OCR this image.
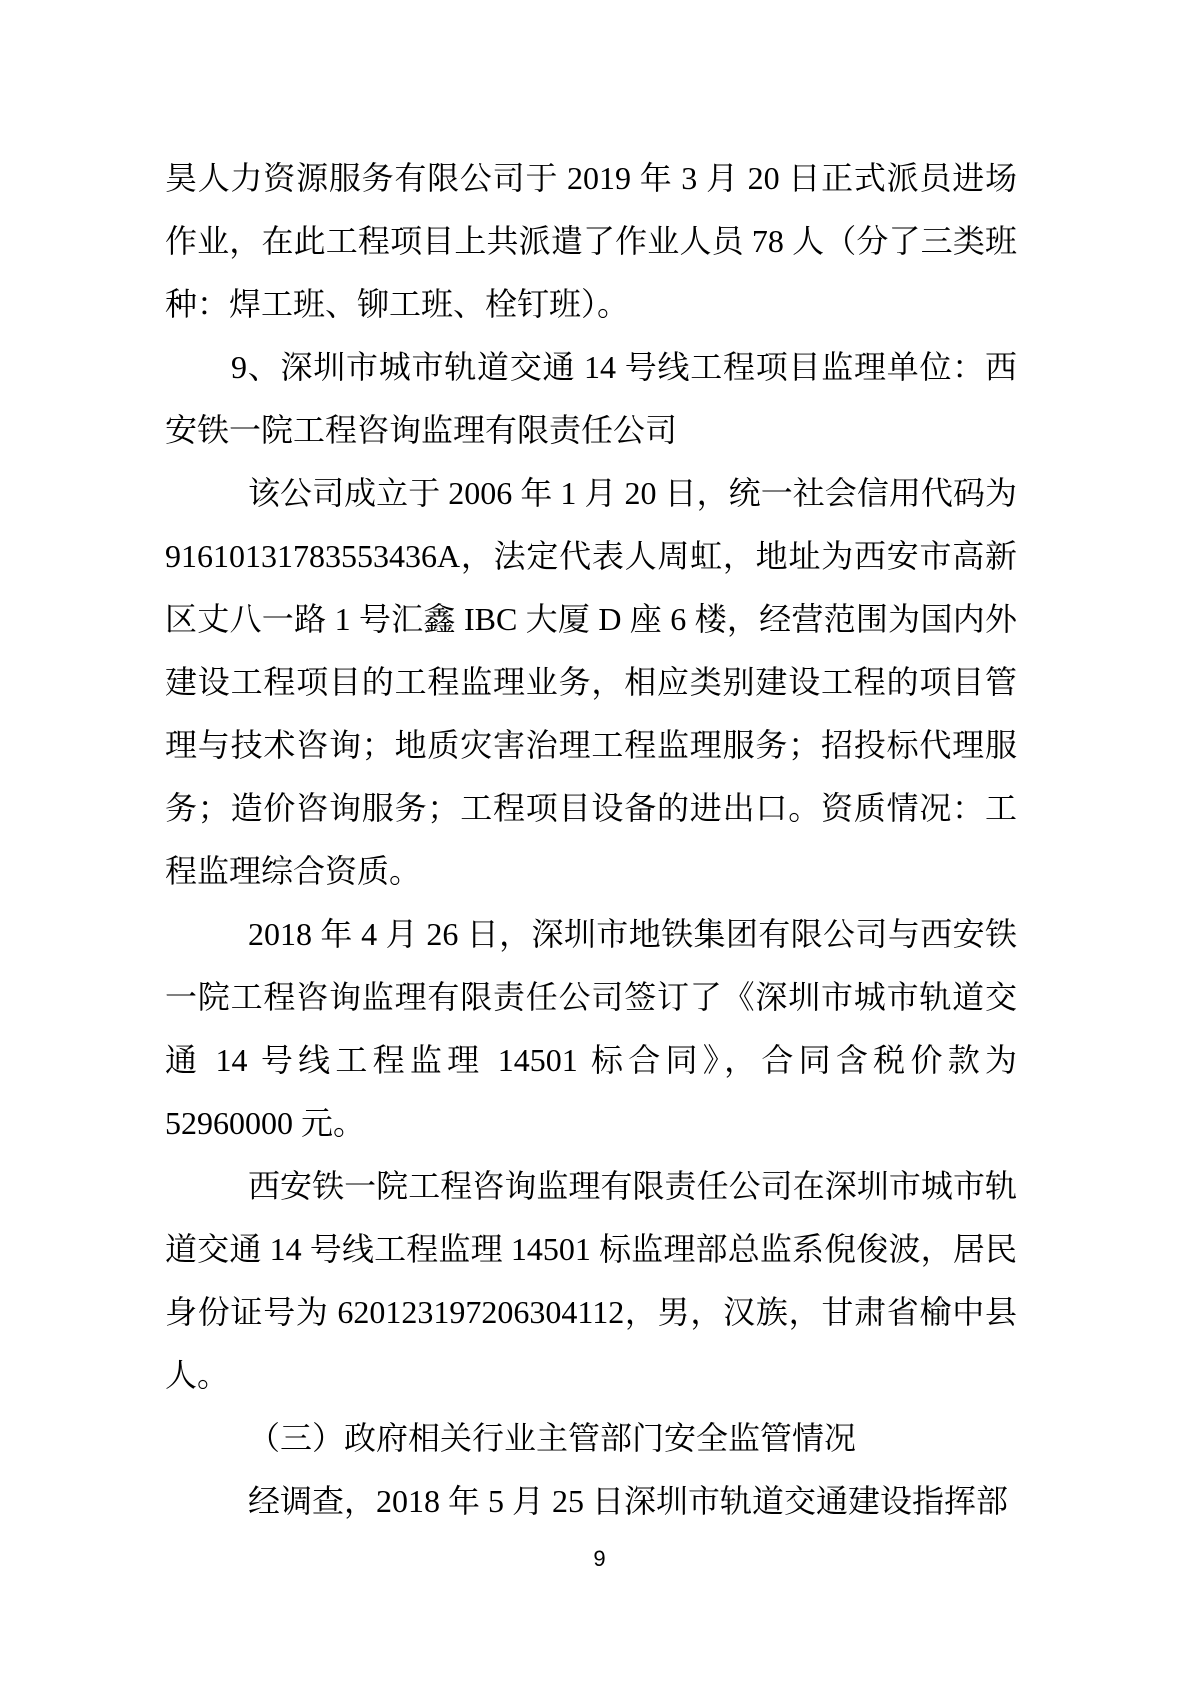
昊人力资源服务有限公司于 2019 年 3 月 20 日正式派员进场作业，在此工程项目上共派遣了作业人员 78 人（分了三类班种：焊工班、铆工班、栓钉班）。

9、深圳市城市轨道交通 14 号线工程项目监理单位：西安铁一院工程咨询监理有限责任公司

该公司成立于 2006 年 1 月 20 日，统一社会信用代码为 91610131783553436A，法定代表人周虹，地址为西安市高新区丈八一路 1 号汇鑫 IBC 大厦 D 座 6 楼，经营范围为国内外建设工程项目的工程监理业务，相应类别建设工程的项目管理与技术咨询；地质灾害治理工程监理服务；招投标代理服务；造价咨询服务；工程项目设备的进出口。资质情况：工程监理综合资质。

2018 年 4 月 26 日，深圳市地铁集团有限公司与西安铁一院工程咨询监理有限责任公司签订了《深圳市城市轨道交通 14 号线工程监理 14501 标合同》，合同含税价款为 52960000 元。

西安铁一院工程咨询监理有限责任公司在深圳市城市轨道交通 14 号线工程监理 14501 标监理部总监系倪俊波，居民身份证号为 620123197206304112，男，汉族，甘肃省榆中县人。

（三）政府相关行业主管部门安全监管情况

经调查，2018 年 5 月 25 日深圳市轨道交通建设指挥部

9
